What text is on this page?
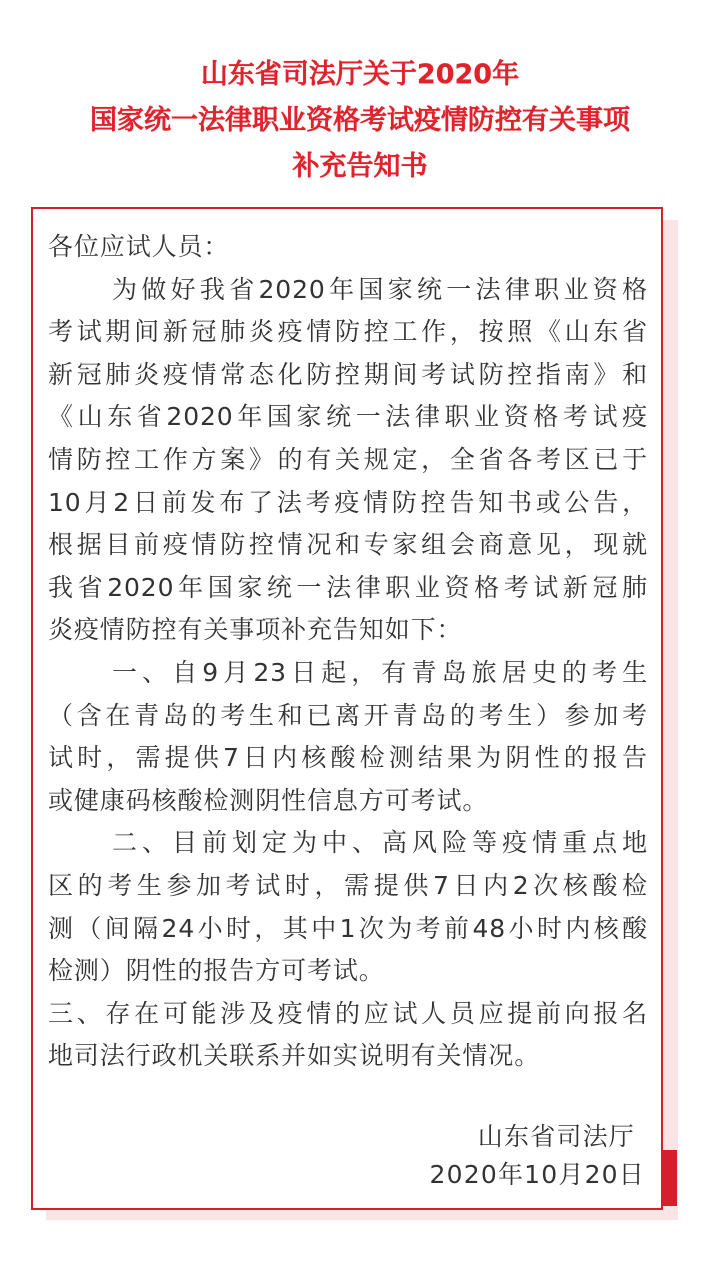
山东省司法厅关于2020年
国家统一法律职业资格考试疫情防控有关事项
补充告知书
各位应试人员：
为做好我省2020年国家统一法律职业资格
考试期间新冠肺炎疫情防控工作，按照《山东省
新冠肺炎疫情常态化防控期间考试防控指南》和
《山东省2020年国家统一法律职业资格考试疫
情防控工作方案》的有关规定，全省各考区已于
10月2日前发布了法考疫情防控告知书或公告，
根据目前疫情防控情况和专家组会商意见，现就
我省2020年国家统一法律职业资格考试新冠肺
炎疫情防控有关事项补充告知如下：
一、自9月23日起，有青岛旅居史的考生
（含在青岛的考生和已离开青岛的考生）参加考
试时，需提供7日内核酸检测结果为阴性的报告
或健康码核酸检测阴性信息方可考试。
二、目前划定为中、高风险等疫情重点地
区的考生参加考试时，需提供7日内2次核酸检
测（间隔24小时，其中1次为考前48小时内核酸
检测）阴性的报告方可考试。
三、存在可能涉及疫情的应试人员应提前向报名
地司法行政机关联系并如实说明有关情况。
山东省司法厅
2020年10月20日
